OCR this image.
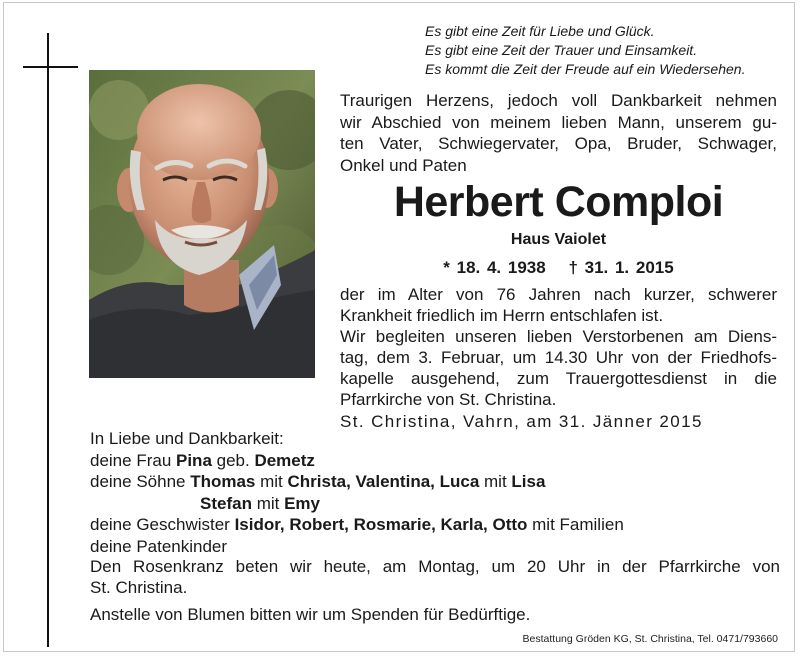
Es gibt eine Zeit für Liebe und Glück.
Es gibt eine Zeit der Trauer und Einsamkeit.
Es kommt die Zeit der Freude auf ein Wiedersehen.
Traurigen Herzens, jedoch voll Dankbarkeit nehmen
wir Abschied von meinem lieben Mann, unserem gu-
ten Vater, Schwiegervater, Opa, Bruder, Schwager,
Onkel und Paten
Herbert Comploi
Haus Vaiolet
* 18. 4. 1938 † 31. 1. 2015
der im Alter von 76 Jahren nach kurzer, schwerer
Krankheit friedlich im Herrn entschlafen ist.
Wir begleiten unseren lieben Verstorbenen am Diens-
tag, dem 3. Februar, um 14.30 Uhr von der Friedhofs-
kapelle ausgehend, zum Trauergottesdienst in die
Pfarrkirche von St. Christina.
St. Christina, Vahrn, am 31. Jänner 2015
In Liebe und Dankbarkeit:
deine Frau Pina geb. Demetz
deine Söhne Thomas mit Christa, Valentina, Luca mit Lisa
Stefan mit Emy
deine Geschwister Isidor, Robert, Rosmarie, Karla, Otto mit Familien
deine Patenkinder
Den Rosenkranz beten wir heute, am Montag, um 20 Uhr in der Pfarrkirche von
St. Christina.
Anstelle von Blumen bitten wir um Spenden für Bedürftige.
Bestattung Gröden KG, St. Christina, Tel. 0471/793660
